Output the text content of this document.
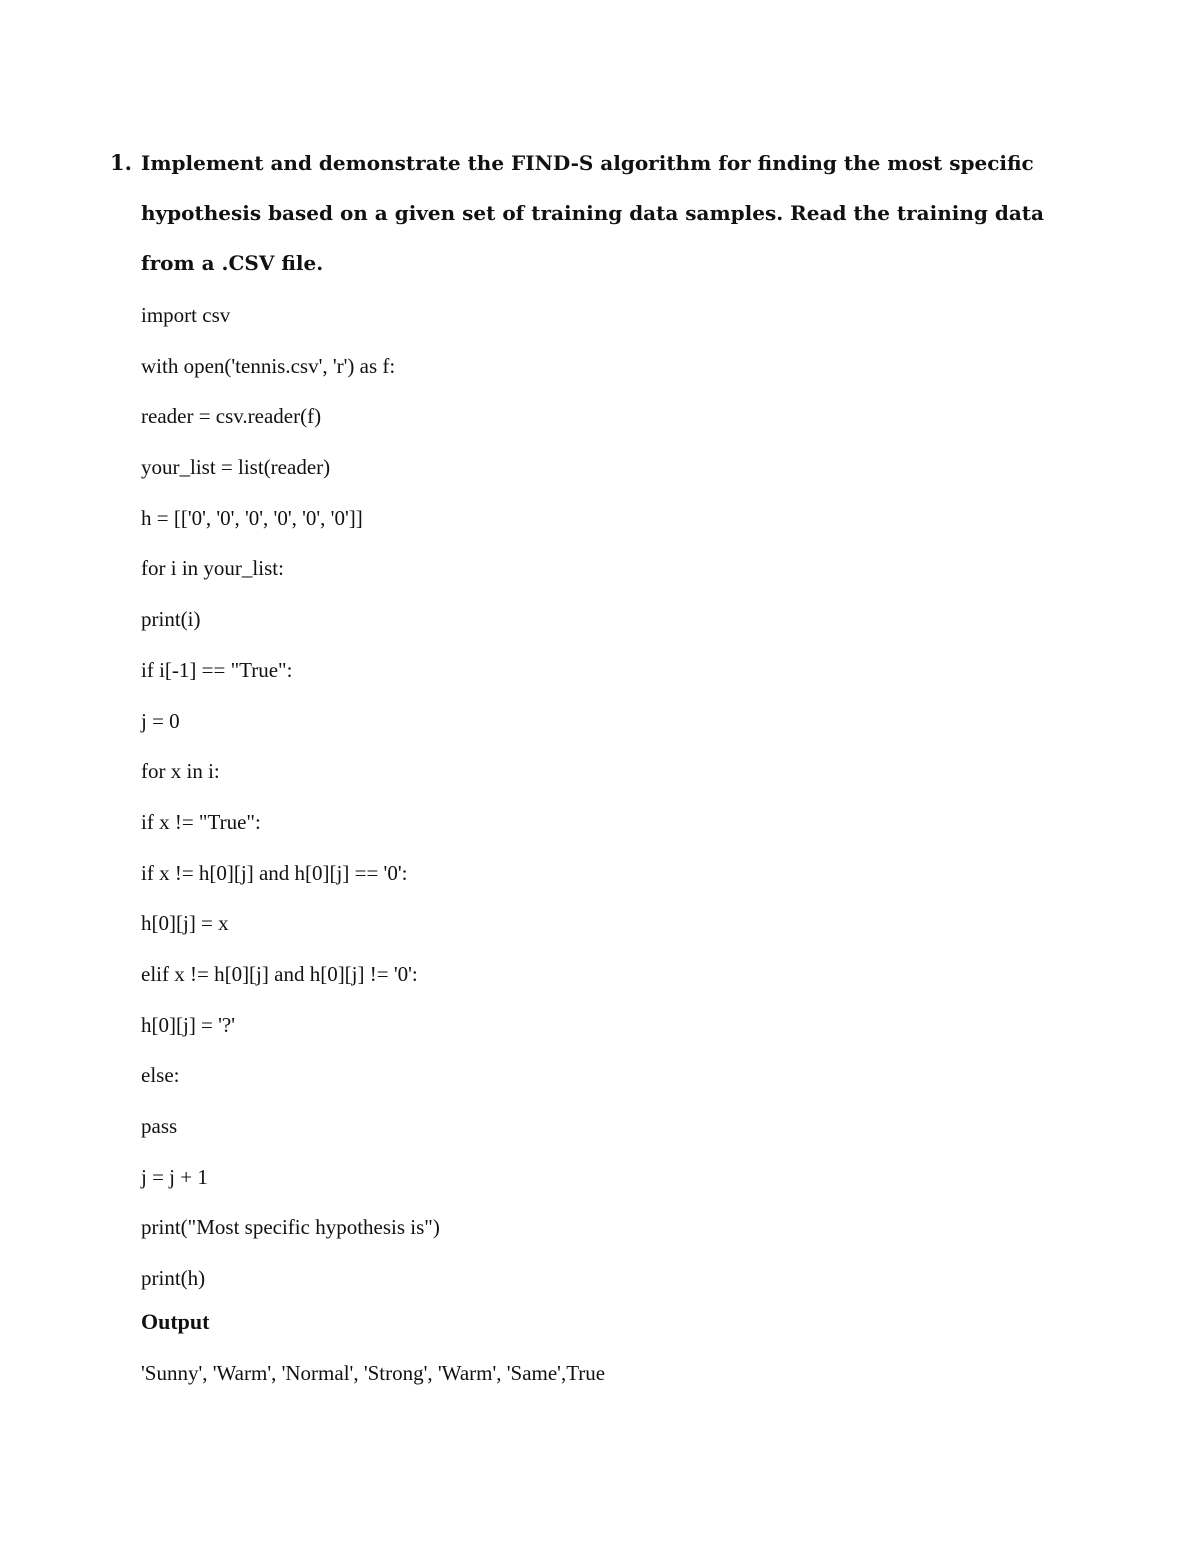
1. Implement and demonstrate the FIND-S algorithm for finding the most specific
hypothesis based on a given set of training data samples. Read the training data
from a .CSV file.
import csv
with open('tennis.csv', 'r') as f:
reader = csv.reader(f)
your_list = list(reader)
h = [['0', '0', '0', '0', '0', '0']]
for i in your_list:
print(i)
if i[-1] == "True":
j = 0
for x in i:
if x != "True":
if x != h[0][j] and h[0][j] == '0':
h[0][j] = x
elif x != h[0][j] and h[0][j] != '0':
h[0][j] = '?'
else:
pass
j = j + 1
print("Most specific hypothesis is")
print(h)
Output
'Sunny', 'Warm', 'Normal', 'Strong', 'Warm', 'Same',True
